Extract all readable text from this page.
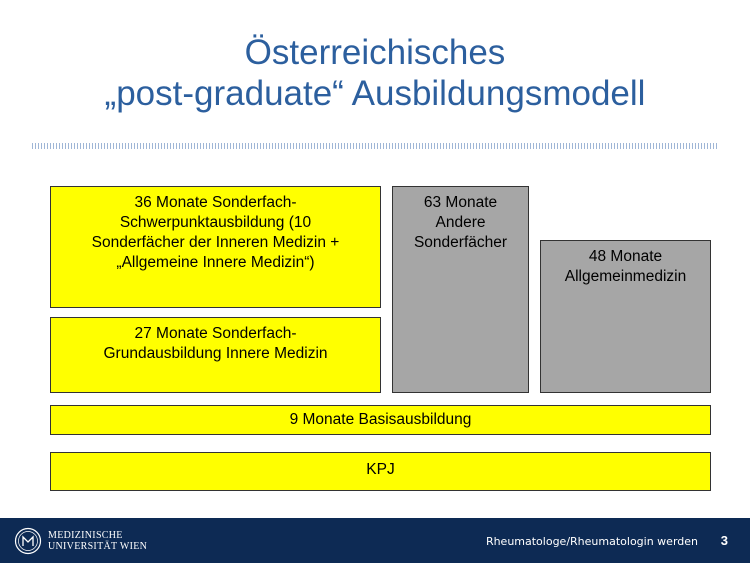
Österreichisches
„post-graduate“ Ausbildungsmodell
36 Monate Sonderfach-
Schwerpunktausbildung (10
Sonderfächer der Inneren Medizin +
„Allgemeine Innere Medizin“)
27 Monate Sonderfach-
Grundausbildung Innere Medizin
63 Monate
Andere
Sonderfächer
48 Monate
Allgemeinmedizin
9 Monate Basisausbildung
KPJ
MEDIZINISCHE
UNIVERSITÄT WIEN	Rheumatologe/Rheumatologin werden 3
